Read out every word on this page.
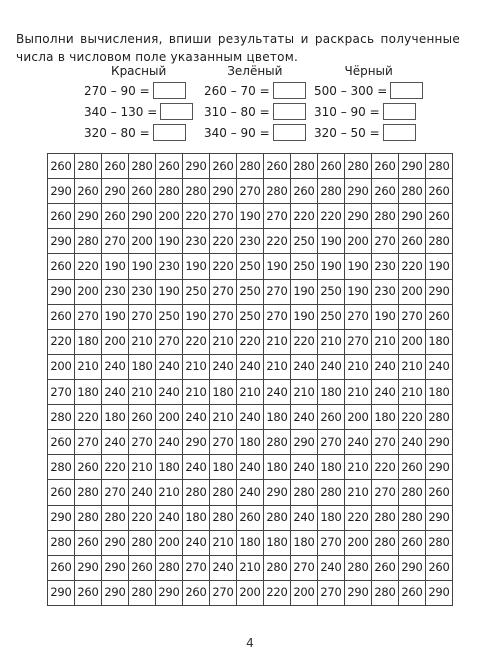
Выполни вычисления, впиши результаты и раскрась полученные числа в числовом поле указанным цветом.
Красный
270 – 90 =
340 – 130 =
320 – 80 =
Зелёный
260 – 70 =
310 – 80 =
340 – 90 =
Чёрный
500 – 300 =
310 – 90 =
320 – 50 =
260	280	260	280	260	290	260	280	260	280	260	280	260	290	280
290	260	290	260	280	280	290	270	280	260	280	290	260	280	260
260	290	260	290	200	220	270	190	270	220	220	290	280	290	260
290	280	270	200	190	230	220	230	220	250	190	200	270	260	280
260	220	190	190	230	190	220	250	190	250	190	190	230	220	190
290	200	230	230	190	250	270	250	270	190	250	190	230	200	290
260	270	190	270	250	190	270	250	270	190	250	270	190	270	260
220	180	200	210	270	220	210	220	210	220	210	270	210	200	180
200	210	240	180	240	210	240	240	210	240	240	210	240	210	240
270	180	240	210	240	210	180	210	240	210	180	210	240	210	180
280	220	180	260	200	240	210	240	180	240	260	200	180	220	280
260	270	240	270	240	290	270	180	280	290	270	240	270	240	290
280	260	220	210	180	240	180	240	180	240	180	210	220	260	290
260	280	270	240	210	280	280	240	290	280	280	210	270	280	260
290	280	280	220	240	180	280	260	280	240	180	220	280	280	290
280	260	290	280	200	240	210	180	180	180	270	200	280	260	280
260	290	290	260	280	270	240	210	280	270	240	280	260	290	260
290	260	290	280	290	260	270	200	220	200	270	290	280	260	290
4
